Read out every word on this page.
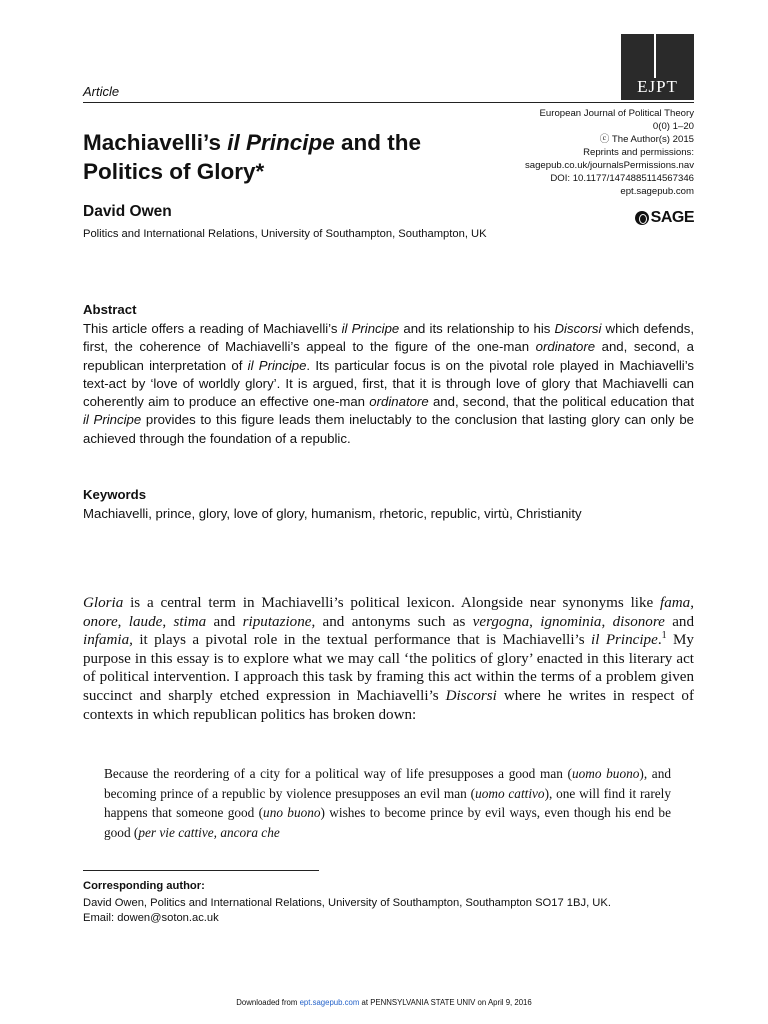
EJPT
Article
European Journal of Political Theory
0(0) 1–20
ⓒ The Author(s) 2015
Reprints and permissions:
sagepub.co.uk/journalsPermissions.nav
DOI: 10.1177/1474885114567346
ept.sagepub.com
SAGE
Machiavelli’s il Principe and the Politics of Glory*
David Owen
Politics and International Relations, University of Southampton, Southampton, UK
Abstract
This article offers a reading of Machiavelli’s il Principe and its relationship to his Discorsi which defends, first, the coherence of Machiavelli’s appeal to the figure of the one-man ordinatore and, second, a republican interpretation of il Principe. Its particular focus is on the pivotal role played in Machiavelli’s text-act by ‘love of worldly glory’. It is argued, first, that it is through love of glory that Machiavelli can coherently aim to produce an effective one-man ordinatore and, second, that the political education that il Principe provides to this figure leads them ineluctably to the conclusion that lasting glory can only be achieved through the foundation of a republic.
Keywords
Machiavelli, prince, glory, love of glory, humanism, rhetoric, republic, virtù, Christianity
Gloria is a central term in Machiavelli’s political lexicon. Alongside near synonyms like fama, onore, laude, stima and riputazione, and antonyms such as vergogna, ignominia, disonore and infamia, it plays a pivotal role in the textual performance that is Machiavelli’s il Principe.$^1$ My purpose in this essay is to explore what we may call ‘the politics of glory’ enacted in this literary act of political intervention. I approach this task by framing this act within the terms of a problem given succinct and sharply etched expression in Machiavelli’s Discorsi where he writes in respect of contexts in which republican politics has broken down:
Because the reordering of a city for a political way of life presupposes a good man (uomo buono), and becoming prince of a republic by violence presupposes an evil man (uomo cattivo), one will find it rarely happens that someone good (uno buono) wishes to become prince by evil ways, even though his end be good (per vie cattive, ancora che
Corresponding author:
David Owen, Politics and International Relations, University of Southampton, Southampton SO17 1BJ, UK.
Email: dowen@soton.ac.uk
Downloaded from ept.sagepub.com at PENNSYLVANIA STATE UNIV on April 9, 2016
